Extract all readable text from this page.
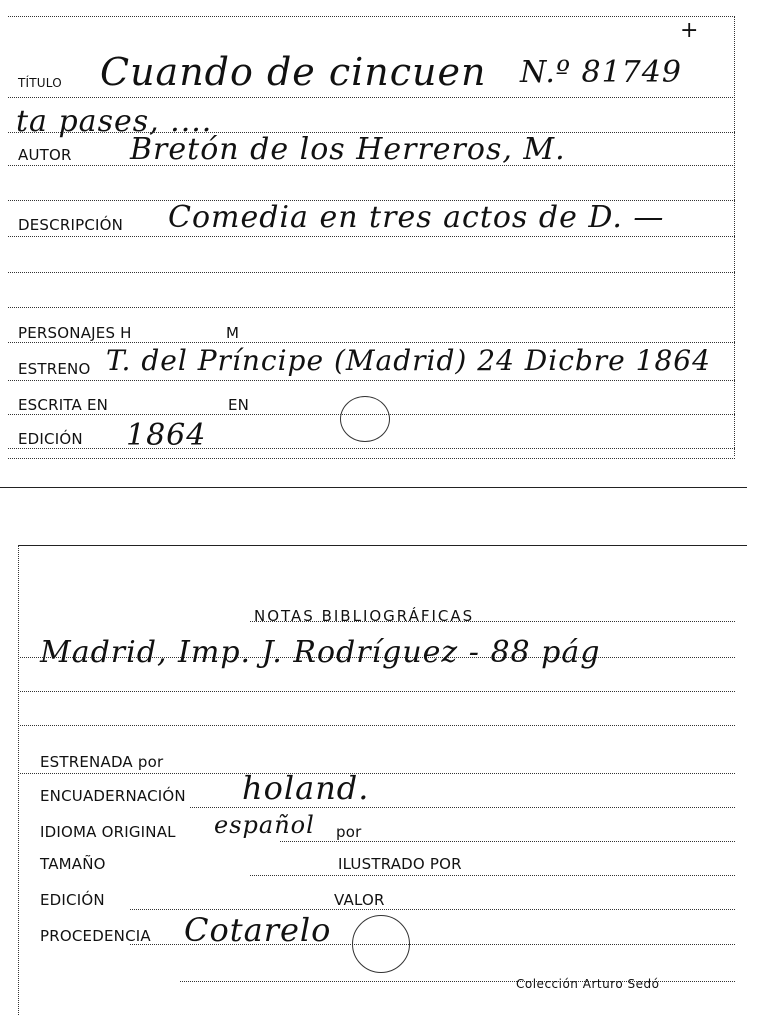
+
TÍTULO Cuando de cincuen N.º 81749
ta pases, ....
AUTOR Bretón de los Herreros, M.
DESCRIPCIÓN Comedia en tres actos de D. —
PERSONAJES H	M
ESTRENO T. del Príncipe (Madrid) 24 Dicbre 1864
ESCRITA EN	EN
EDICIÓN 1864
NOTAS BIBLIOGRÁFICAS
Madrid, Imp. J. Rodríguez - 88 pág
ESTRENADA por
ENCUADERNACIÓN holand.
IDIOMA ORIGINAL español por
TAMAÑO	ILUSTRADO POR
EDICIÓN	VALOR
PROCEDENCIA Cotarelo
Colección Arturo Sedó
